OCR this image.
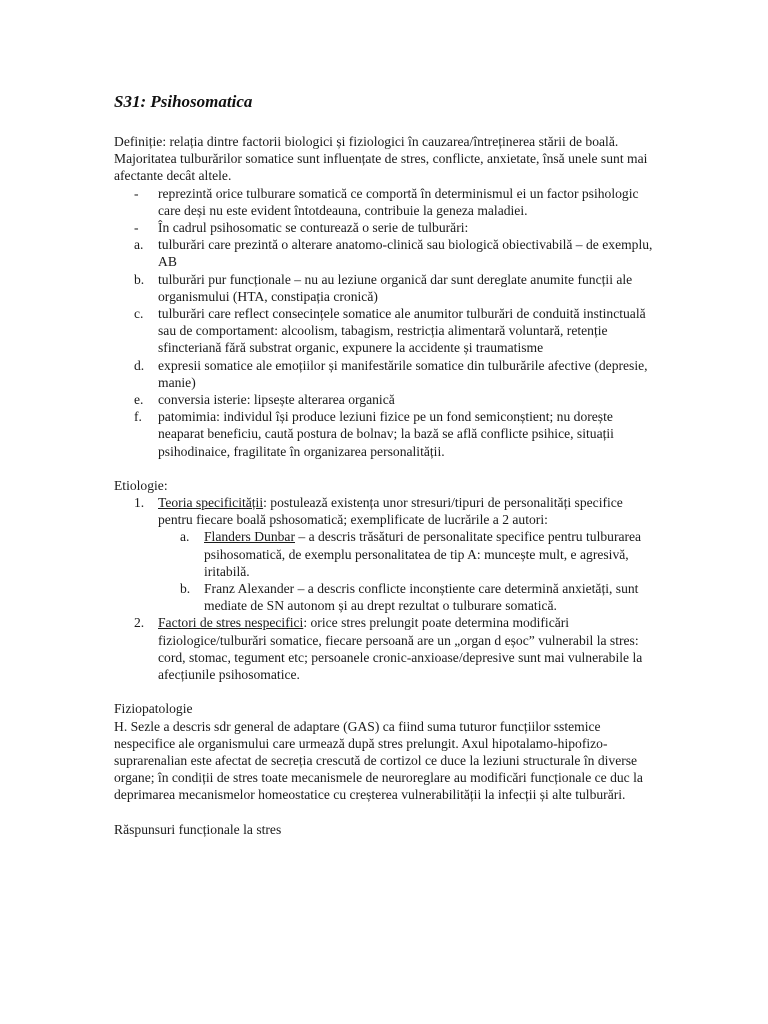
S31: Psihosomatica

Definiție: relația dintre factorii biologici și fiziologici în cauzarea/întreținerea stării de boală. Majoritatea tulburărilor somatice sunt influențate de stres, conflicte, anxietate, însă unele sunt mai afectante decât altele.

- reprezintă orice tulburare somatică ce comportă în determinismul ei un factor psihologic care deși nu este evident întotdeauna, contribuie la geneza maladiei.
- În cadrul psihosomatic se conturează o serie de tulburări:
a. tulburări care prezintă o alterare anatomo-clinică sau biologică obiectivabilă – de exemplu, AB
b. tulburări pur funcționale – nu au leziune organică dar sunt dereglate anumite funcții ale organismului (HTA, constipația cronică)
c. tulburări care reflect consecințele somatice ale anumitor tulburări de conduită instinctuală sau de comportament: alcoolism, tabagism, restricția alimentară voluntară, retenție sfincteriană fără substrat organic, expunere la accidente și traumatisme
d. expresii somatice ale emoțiilor și manifestările somatice din tulburările afective (depresie, manie)
e. conversia isterie: lipsește alterarea organică
f. patomimia: individul își produce leziuni fizice pe un fond semiconștient; nu dorește neaparat beneficiu, caută postura de bolnav; la bază se află conflicte psihice, situații psihodinaice, fragilitate în organizarea personalității.

Etiologie:

1. Teoria specificității: postulează existența unor stresuri/tipuri de personalități specifice pentru fiecare boală pshosomatică; exemplificate de lucrările a 2 autori:
a. Flanders Dunbar – a descris trăsături de personalitate specifice pentru tulburarea psihosomatică, de exemplu personalitatea de tip A: muncește mult, e agresivă, iritabilă.
b. Franz Alexander – a descris conflicte inconștiente care determină anxietăți, sunt mediate de SN autonom și au drept rezultat o tulburare somatică.
2. Factori de stres nespecifici: orice stres prelungit poate determina modificări fiziologice/tulburări somatice, fiecare persoană are un „organ d eșoc” vulnerabil la stres: cord, stomac, tegument etc; persoanele cronic-anxioase/depresive sunt mai vulnerabile la afecțiunile psihosomatice.

Fiziopatologie

H. Sezle a descris sdr general de adaptare (GAS) ca fiind suma tuturor funcțiilor sstemice nespecifice ale organismului care urmează după stres prelungit. Axul hipotalamo-hipofizo-suprarenalian este afectat de secreția crescută de cortizol ce duce la leziuni structurale în diverse organe; în condiții de stres toate mecanismele de neuroreglare au modificări funcționale ce duc la deprimarea mecanismelor homeostatice cu creșterea vulnerabilității la infecții și alte tulburări.

Răspunsuri funcționale la stres
